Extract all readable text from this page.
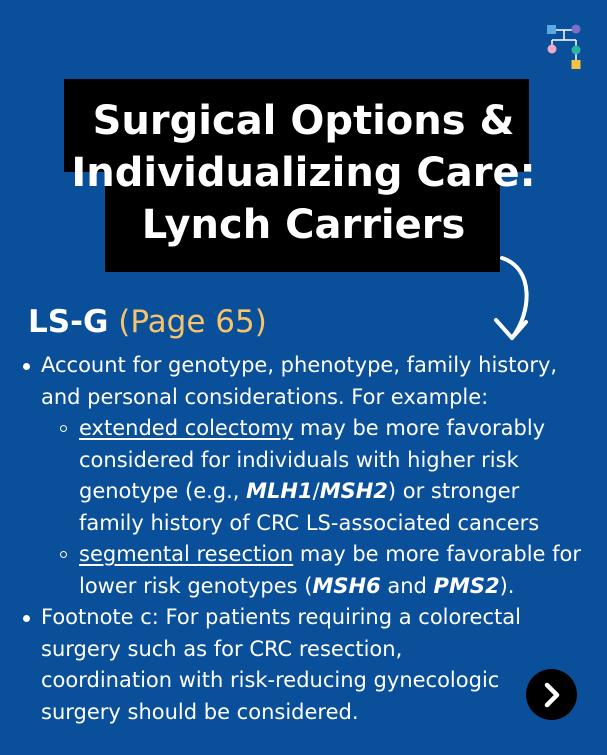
Surgical Options &
Individualizing Care:
Lynch Carriers
LS-G (Page 65)
Account for genotype, phenotype, family history, and personal considerations. For example:
extended colectomy may be more favorably considered for individuals with higher risk genotype (e.g., MLH1/MSH2) or stronger family history of CRC LS-associated cancers
segmental resection may be more favorable for lower risk genotypes (MSH6 and PMS2).
Footnote c: For patients requiring a colorectal surgery such as for CRC resection, coordination with risk-reducing gynecologic surgery should be considered.
